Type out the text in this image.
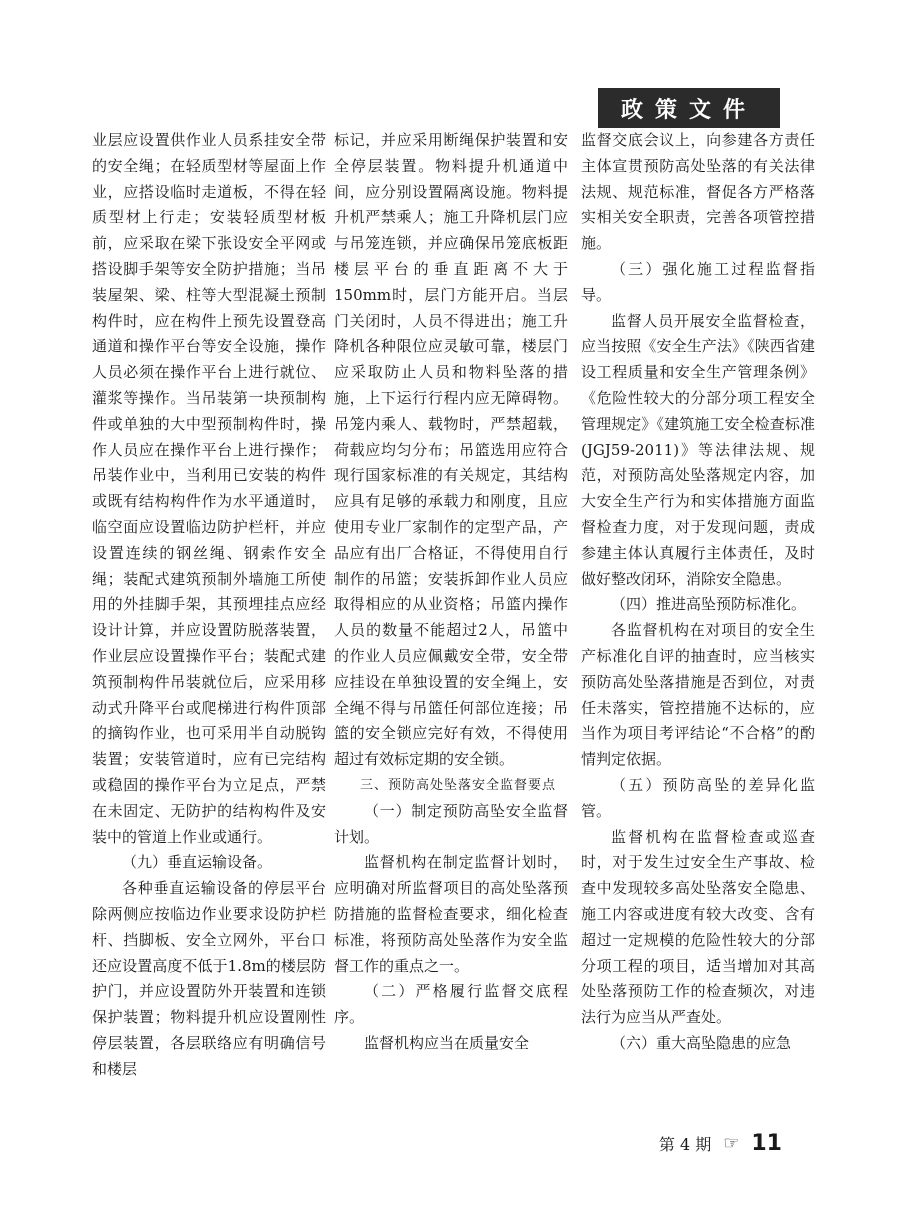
政策文件

业层应设置供作业人员系挂安全带的安全绳；在轻质型材等屋面上作业，应搭设临时走道板，不得在轻质型材上行走；安装轻质型材板前，应采取在梁下张设安全平网或搭设脚手架等安全防护措施；当吊装屋架、梁、柱等大型混凝土预制构件时，应在构件上预先设置登高通道和操作平台等安全设施，操作人员必须在操作平台上进行就位、灌浆等操作。当吊装第一块预制构件或单独的大中型预制构件时，操作人员应在操作平台上进行操作；吊装作业中，当利用已安装的构件或既有结构构件作为水平通道时，临空面应设置临边防护栏杆，并应设置连续的钢丝绳、钢索作安全绳；装配式建筑预制外墙施工所使用的外挂脚手架，其预埋挂点应经设计计算，并应设置防脱落装置，作业层应设置操作平台；装配式建筑预制构件吊装就位后，应采用移动式升降平台或爬梯进行构件顶部的摘钩作业，也可采用半自动脱钩装置；安装管道时，应有已完结构或稳固的操作平台为立足点，严禁在未固定、无防护的结构构件及安装中的管道上作业或通行。

（九）垂直运输设备。

各种垂直运输设备的停层平台除两侧应按临边作业要求设防护栏杆、挡脚板、安全立网外，平台口还应设置高度不低于1.8m的楼层防护门，并应设置防外开装置和连锁保护装置；物料提升机应设置刚性停层装置，各层联络应有明确信号和楼层

标记，并应采用断绳保护装置和安全停层装置。物料提升机通道中间，应分别设置隔离设施。物料提升机严禁乘人；施工升降机层门应与吊笼连锁，并应确保吊笼底板距楼层平台的垂直距离不大于150mm时，层门方能开启。当层门关闭时，人员不得进出；施工升降机各种限位应灵敏可靠，楼层门应采取防止人员和物料坠落的措施，上下运行行程内应无障碍物。吊笼内乘人、载物时，严禁超载，荷载应均匀分布；吊篮选用应符合现行国家标准的有关规定，其结构应具有足够的承载力和刚度，且应使用专业厂家制作的定型产品，产品应有出厂合格证，不得使用自行制作的吊篮；安装拆卸作业人员应取得相应的从业资格；吊篮内操作人员的数量不能超过2人，吊篮中的作业人员应佩戴安全带，安全带应挂设在单独设置的安全绳上，安全绳不得与吊篮任何部位连接；吊篮的安全锁应完好有效，不得使用超过有效标定期的安全锁。

三、预防高处坠落安全监督要点

（一）制定预防高坠安全监督计划。

监督机构在制定监督计划时，应明确对所监督项目的高处坠落预防措施的监督检查要求，细化检查标准，将预防高处坠落作为安全监督工作的重点之一。

（二）严格履行监督交底程序。

监督机构应当在质量安全

监督交底会议上，向参建各方责任主体宣贯预防高处坠落的有关法律法规、规范标准，督促各方严格落实相关安全职责，完善各项管控措施。

（三）强化施工过程监督指导。

监督人员开展安全监督检查，应当按照《安全生产法》《陕西省建设工程质量和安全生产管理条例》《危险性较大的分部分项工程安全管理规定》《建筑施工安全检查标准(JGJ59-2011)》等法律法规、规范，对预防高处坠落规定内容，加大安全生产行为和实体措施方面监督检查力度，对于发现问题，责成参建主体认真履行主体责任，及时做好整改闭环，消除安全隐患。

（四）推进高坠预防标准化。

各监督机构在对项目的安全生产标准化自评的抽查时，应当核实预防高处坠落措施是否到位，对责任未落实，管控措施不达标的，应当作为项目考评结论“不合格”的酌情判定依据。

（五）预防高坠的差异化监管。

监督机构在监督检查或巡查时，对于发生过安全生产事故、检查中发现较多高处坠落安全隐患、施工内容或进度有较大改变、含有超过一定规模的危险性较大的分部分项工程的项目，适当增加对其高处坠落预防工作的检查频次，对违法行为应当从严查处。

（六）重大高坠隐患的应急

第 4 期 ☞ 11
